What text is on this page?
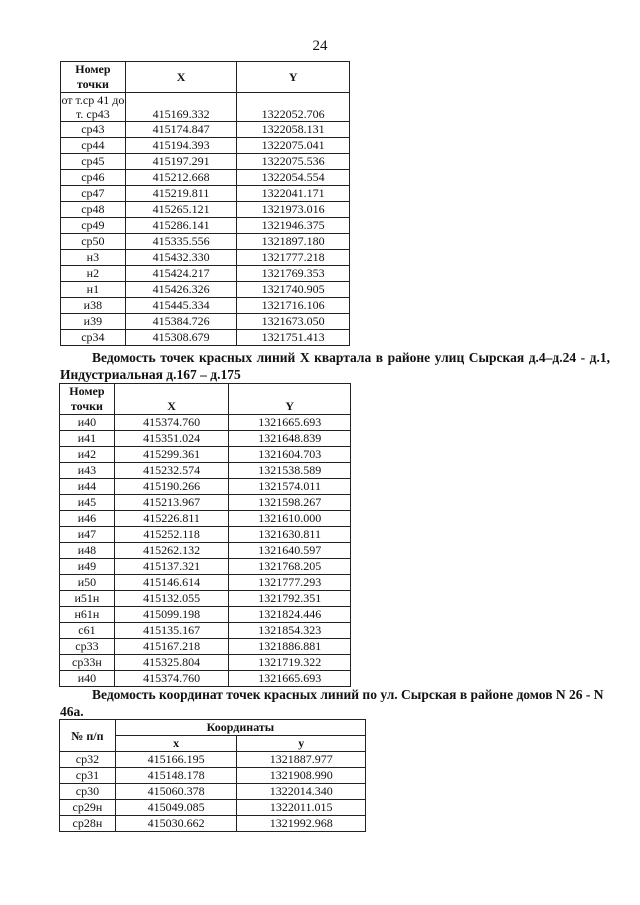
24
Номер точки	X	Y
от т.ср 41 до т. ср43	415169.332	1322052.706
ср43	415174.847	1322058.131
ср44	415194.393	1322075.041
ср45	415197.291	1322075.536
ср46	415212.668	1322054.554
ср47	415219.811	1322041.171
ср48	415265.121	1321973.016
ср49	415286.141	1321946.375
ср50	415335.556	1321897.180
н3	415432.330	1321777.218
н2	415424.217	1321769.353
н1	415426.326	1321740.905
и38	415445.334	1321716.106
и39	415384.726	1321673.050
ср34	415308.679	1321751.413
Ведомость точек красных линий X квартала в районе улиц Сырская д.4–д.24 - д.1, Индустриальная д.167 – д.175
Номер точки	X	Y
и40	415374.760	1321665.693
и41	415351.024	1321648.839
и42	415299.361	1321604.703
и43	415232.574	1321538.589
и44	415190.266	1321574.011
и45	415213.967	1321598.267
и46	415226.811	1321610.000
и47	415252.118	1321630.811
и48	415262.132	1321640.597
и49	415137.321	1321768.205
и50	415146.614	1321777.293
и51н	415132.055	1321792.351
н61н	415099.198	1321824.446
с61	415135.167	1321854.323
ср33	415167.218	1321886.881
ср33н	415325.804	1321719.322
и40	415374.760	1321665.693
Ведомость координат точек красных линий по ул. Сырская в районе домов N 26 - N 46а.
№ п/п	Координаты	
	x	y
ср32	415166.195	1321887.977
ср31	415148.178	1321908.990
ср30	415060.378	1322014.340
ср29н	415049.085	1322011.015
ср28н	415030.662	1321992.968
